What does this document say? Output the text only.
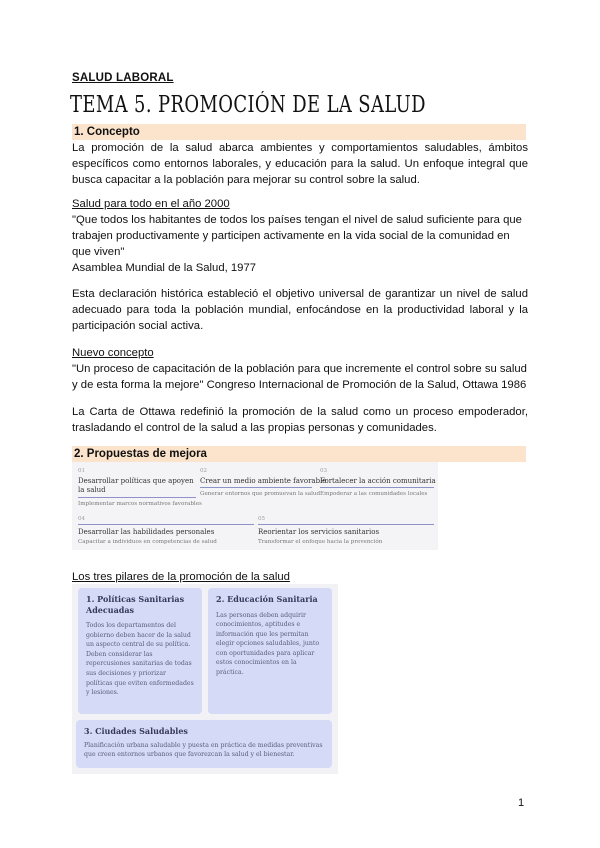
SALUD LABORAL
TEMA 5. PROMOCIÓN DE LA SALUD
1. Concepto
La promoción de la salud abarca ambientes y comportamientos saludables, ámbitos específicos como entornos laborales, y educación para la salud. Un enfoque integral que busca capacitar a la población para mejorar su control sobre la salud.
Salud para todo en el año 2000
"Que todos los habitantes de todos los países tengan el nivel de salud suficiente para que trabajen productivamente y participen activamente en la vida social de la comunidad en que viven"
Asamblea Mundial de la Salud, 1977
Esta declaración histórica estableció el objetivo universal de garantizar un nivel de salud adecuado para toda la población mundial, enfocándose en la productividad laboral y la participación social activa.
Nuevo concepto
"Un proceso de capacitación de la población para que incremente el control sobre su salud y de esta forma la mejore" Congreso Internacional de Promoción de la Salud, Ottawa 1986
La Carta de Ottawa redefinió la promoción de la salud como un proceso empoderador, trasladando el control de la salud a las propias personas y comunidades.
2. Propuestas de mejora
01
Desarrollar políticas que apoyen la salud
Implementar marcos normativos favorables
02
Crear un medio ambiente favorable
Generar entornos que promuevan la salud
03
Fortalecer la acción comunitaria
Empoderar a las comunidades locales
04
Desarrollar las habilidades personales
Capacitar a individuos en competencias de salud
05
Reorientar los servicios sanitarios
Transformar el enfoque hacia la prevención
Los tres pilares de la promoción de la salud
1. Políticas Sanitarias Adecuadas
Todos los departamentos del gobierno deben hacer de la salud un aspecto central de su política. Deben considerar las repercusiones sanitarias de todas sus decisiones y priorizar políticas que eviten enfermedades y lesiones.
2. Educación Sanitaria
Las personas deben adquirir conocimientos, aptitudes e información que les permitan elegir opciones saludables, junto con oportunidades para aplicar estos conocimientos en la práctica.
3. Ciudades Saludables
Planificación urbana saludable y puesta en práctica de medidas preventivas que creen entornos urbanos que favorezcan la salud y el bienestar.
1
